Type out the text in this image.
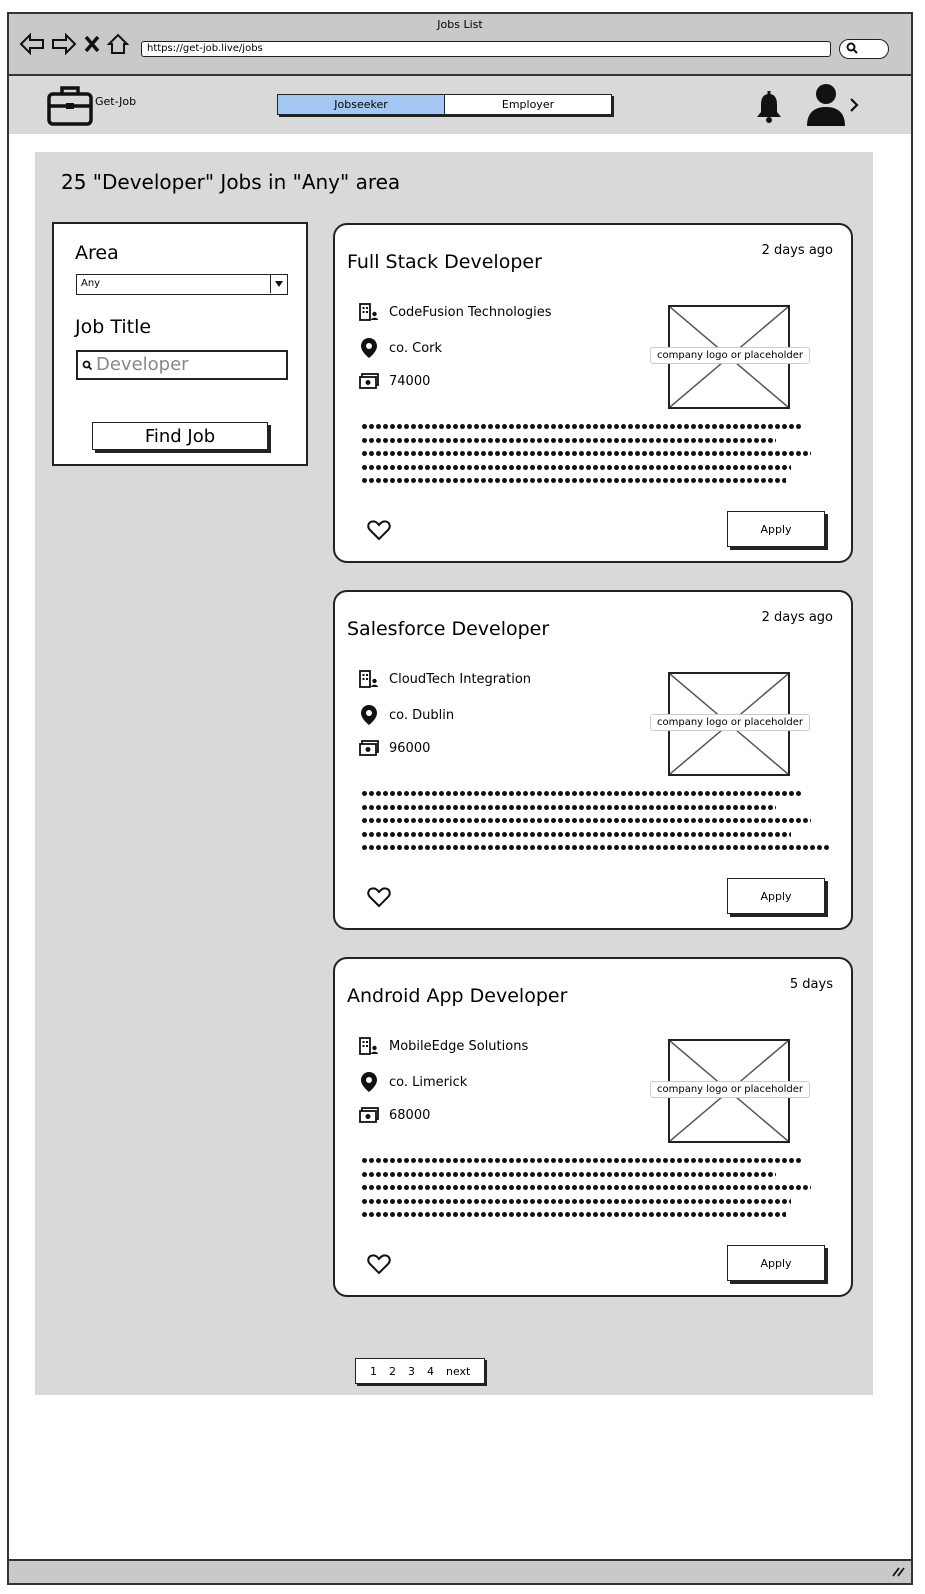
Jobs List
https://get-job.live/jobs
Get-Job	Jobseeker	Employer
25 "Developer" Jobs in "Any" area
Area
Any
Job Title
Developer
Find Job
Full Stack Developer
2 days ago
CodeFusion Technologies
co. Cork
74000
company logo or placeholder
Apply
Salesforce Developer
2 days ago
CloudTech Integration
co. Dublin
96000
company logo or placeholder
Apply
Android App Developer
5 days
MobileEdge Solutions
co. Limerick
68000
company logo or placeholder
Apply
1 2 3 4 next
